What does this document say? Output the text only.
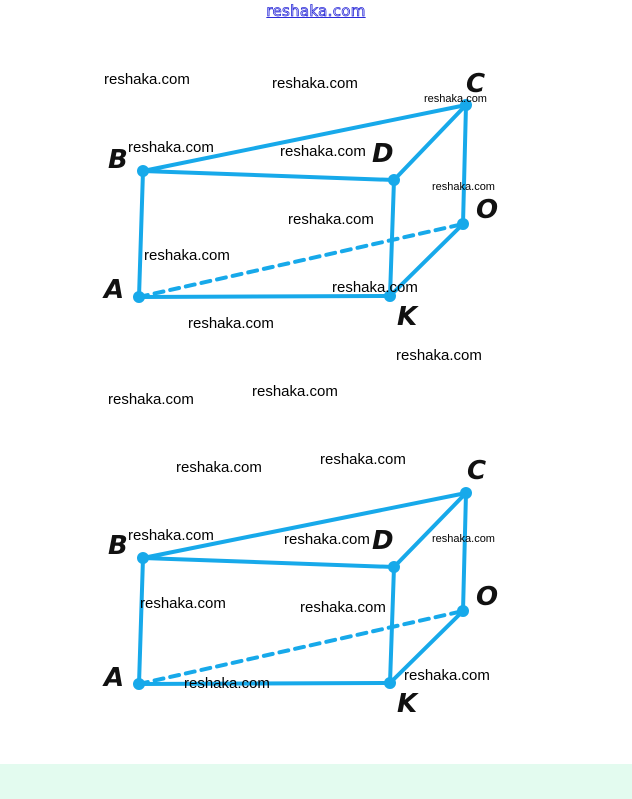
reshaka.com
B
C
D
O
A
K
reshaka.com	reshaka.com
reshaka.com
reshaka.com	reshaka.com
reshaka.com
reshaka.com
reshaka.com
reshaka.com
reshaka.com
reshaka.com
reshaka.com	reshaka.com
B
C
D
O
A
K
reshaka.com	reshaka.com
reshaka.com	reshaka.com	reshaka.com
reshaka.com	reshaka.com
reshaka.com
reshaka.com
